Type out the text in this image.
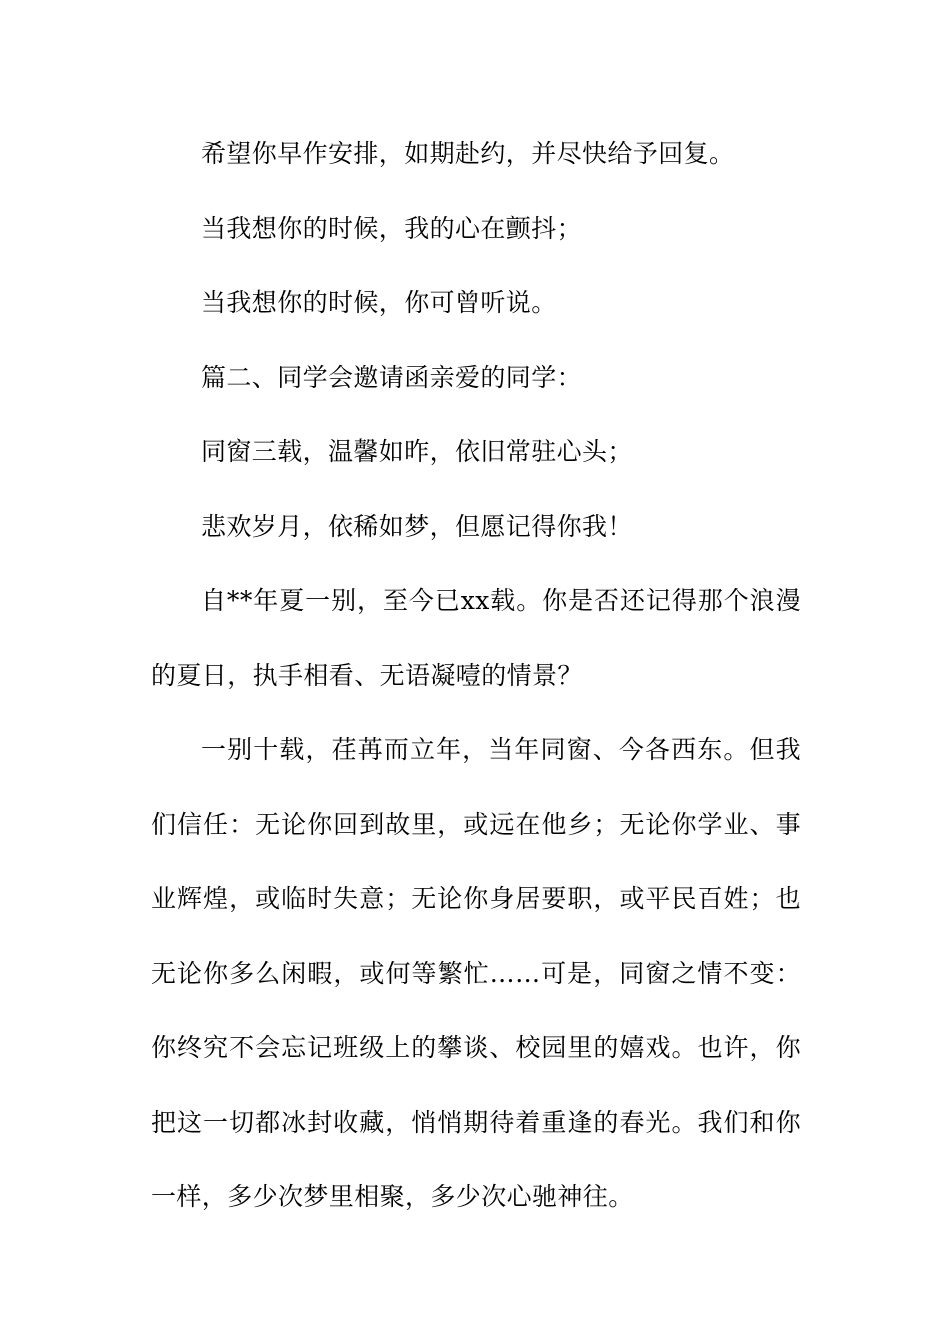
希望你早作安排，如期赴约，并尽快给予回复。

当我想你的时候，我的心在颤抖；

当我想你的时候，你可曾听说。

篇二、同学会邀请函亲爱的同学：

同窗三载，温馨如昨，依旧常驻心头；

悲欢岁月，依稀如梦，但愿记得你我！

自**年夏一别，至今已xx载。你是否还记得那个浪漫的夏日，执手相看、无语凝噎的情景？

一别十载，荏苒而立年，当年同窗、今各西东。但我们信任：无论你回到故里，或远在他乡；无论你学业、事业辉煌，或临时失意；无论你身居要职，或平民百姓；也无论你多么闲暇，或何等繁忙……可是，同窗之情不变：你终究不会忘记班级上的攀谈、校园里的嬉戏。也许，你把这一切都冰封收藏，悄悄期待着重逢的春光。我们和你一样，多少次梦里相聚，多少次心驰神往。
